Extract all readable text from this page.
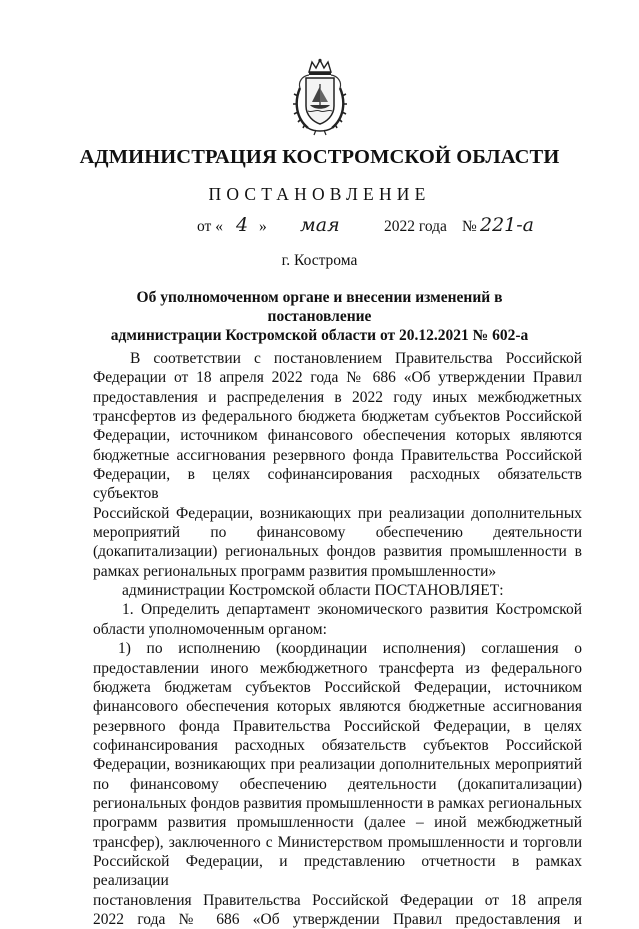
АДМИНИСТРАЦИЯ КОСТРОМСКОЙ ОБЛАСТИ
ПОСТАНОВЛЕНИЕ
от « 4 » мая	2022 года № 221-а
г. Кострома
Об уполномоченном органе и внесении изменений в постановление
администрации Костромской области от 20.12.2021 № 602-а

В соответствии с постановлением Правительства Российской

Федерации от 18 апреля 2022 года № 686 «Об утверждении Правил

предоставления и распределения в 2022 году иных межбюджетных

трансфертов из федерального бюджета бюджетам субъектов Российской

Федерации, источником финансового обеспечения которых являются

бюджетные ассигнования резервного фонда Правительства Российской

Федерации, в целях софинансирования расходных обязательств субъектов

Российской Федерации, возникающих при реализации дополнительных

мероприятий по финансовому обеспечению деятельности

(докапитализации) региональных фондов развития промышленности в

рамках региональных программ развития промышленности»

администрации Костромской области ПОСТАНОВЛЯЕТ:

1. Определить департамент экономического развития Костромской

области уполномоченным органом:

1) по исполнению (координации исполнения) соглашения о

предоставлении иного межбюджетного трансферта из федерального

бюджета бюджетам субъектов Российской Федерации, источником

финансового обеспечения которых являются бюджетные ассигнования

резервного фонда Правительства Российской Федерации, в целях

софинансирования расходных обязательств субъектов Российской

Федерации, возникающих при реализации дополнительных мероприятий

по финансовому обеспечению деятельности (докапитализации)

региональных фондов развития промышленности в рамках региональных

программ развития промышленности (далее – иной межбюджетный

трансфер), заключенного с Министерством промышленности и торговли

Российской Федерации, и представлению отчетности в рамках реализации

постановления Правительства Российской Федерации от 18 апреля

2022 года № 686 «Об утверждении Правил предоставления и
